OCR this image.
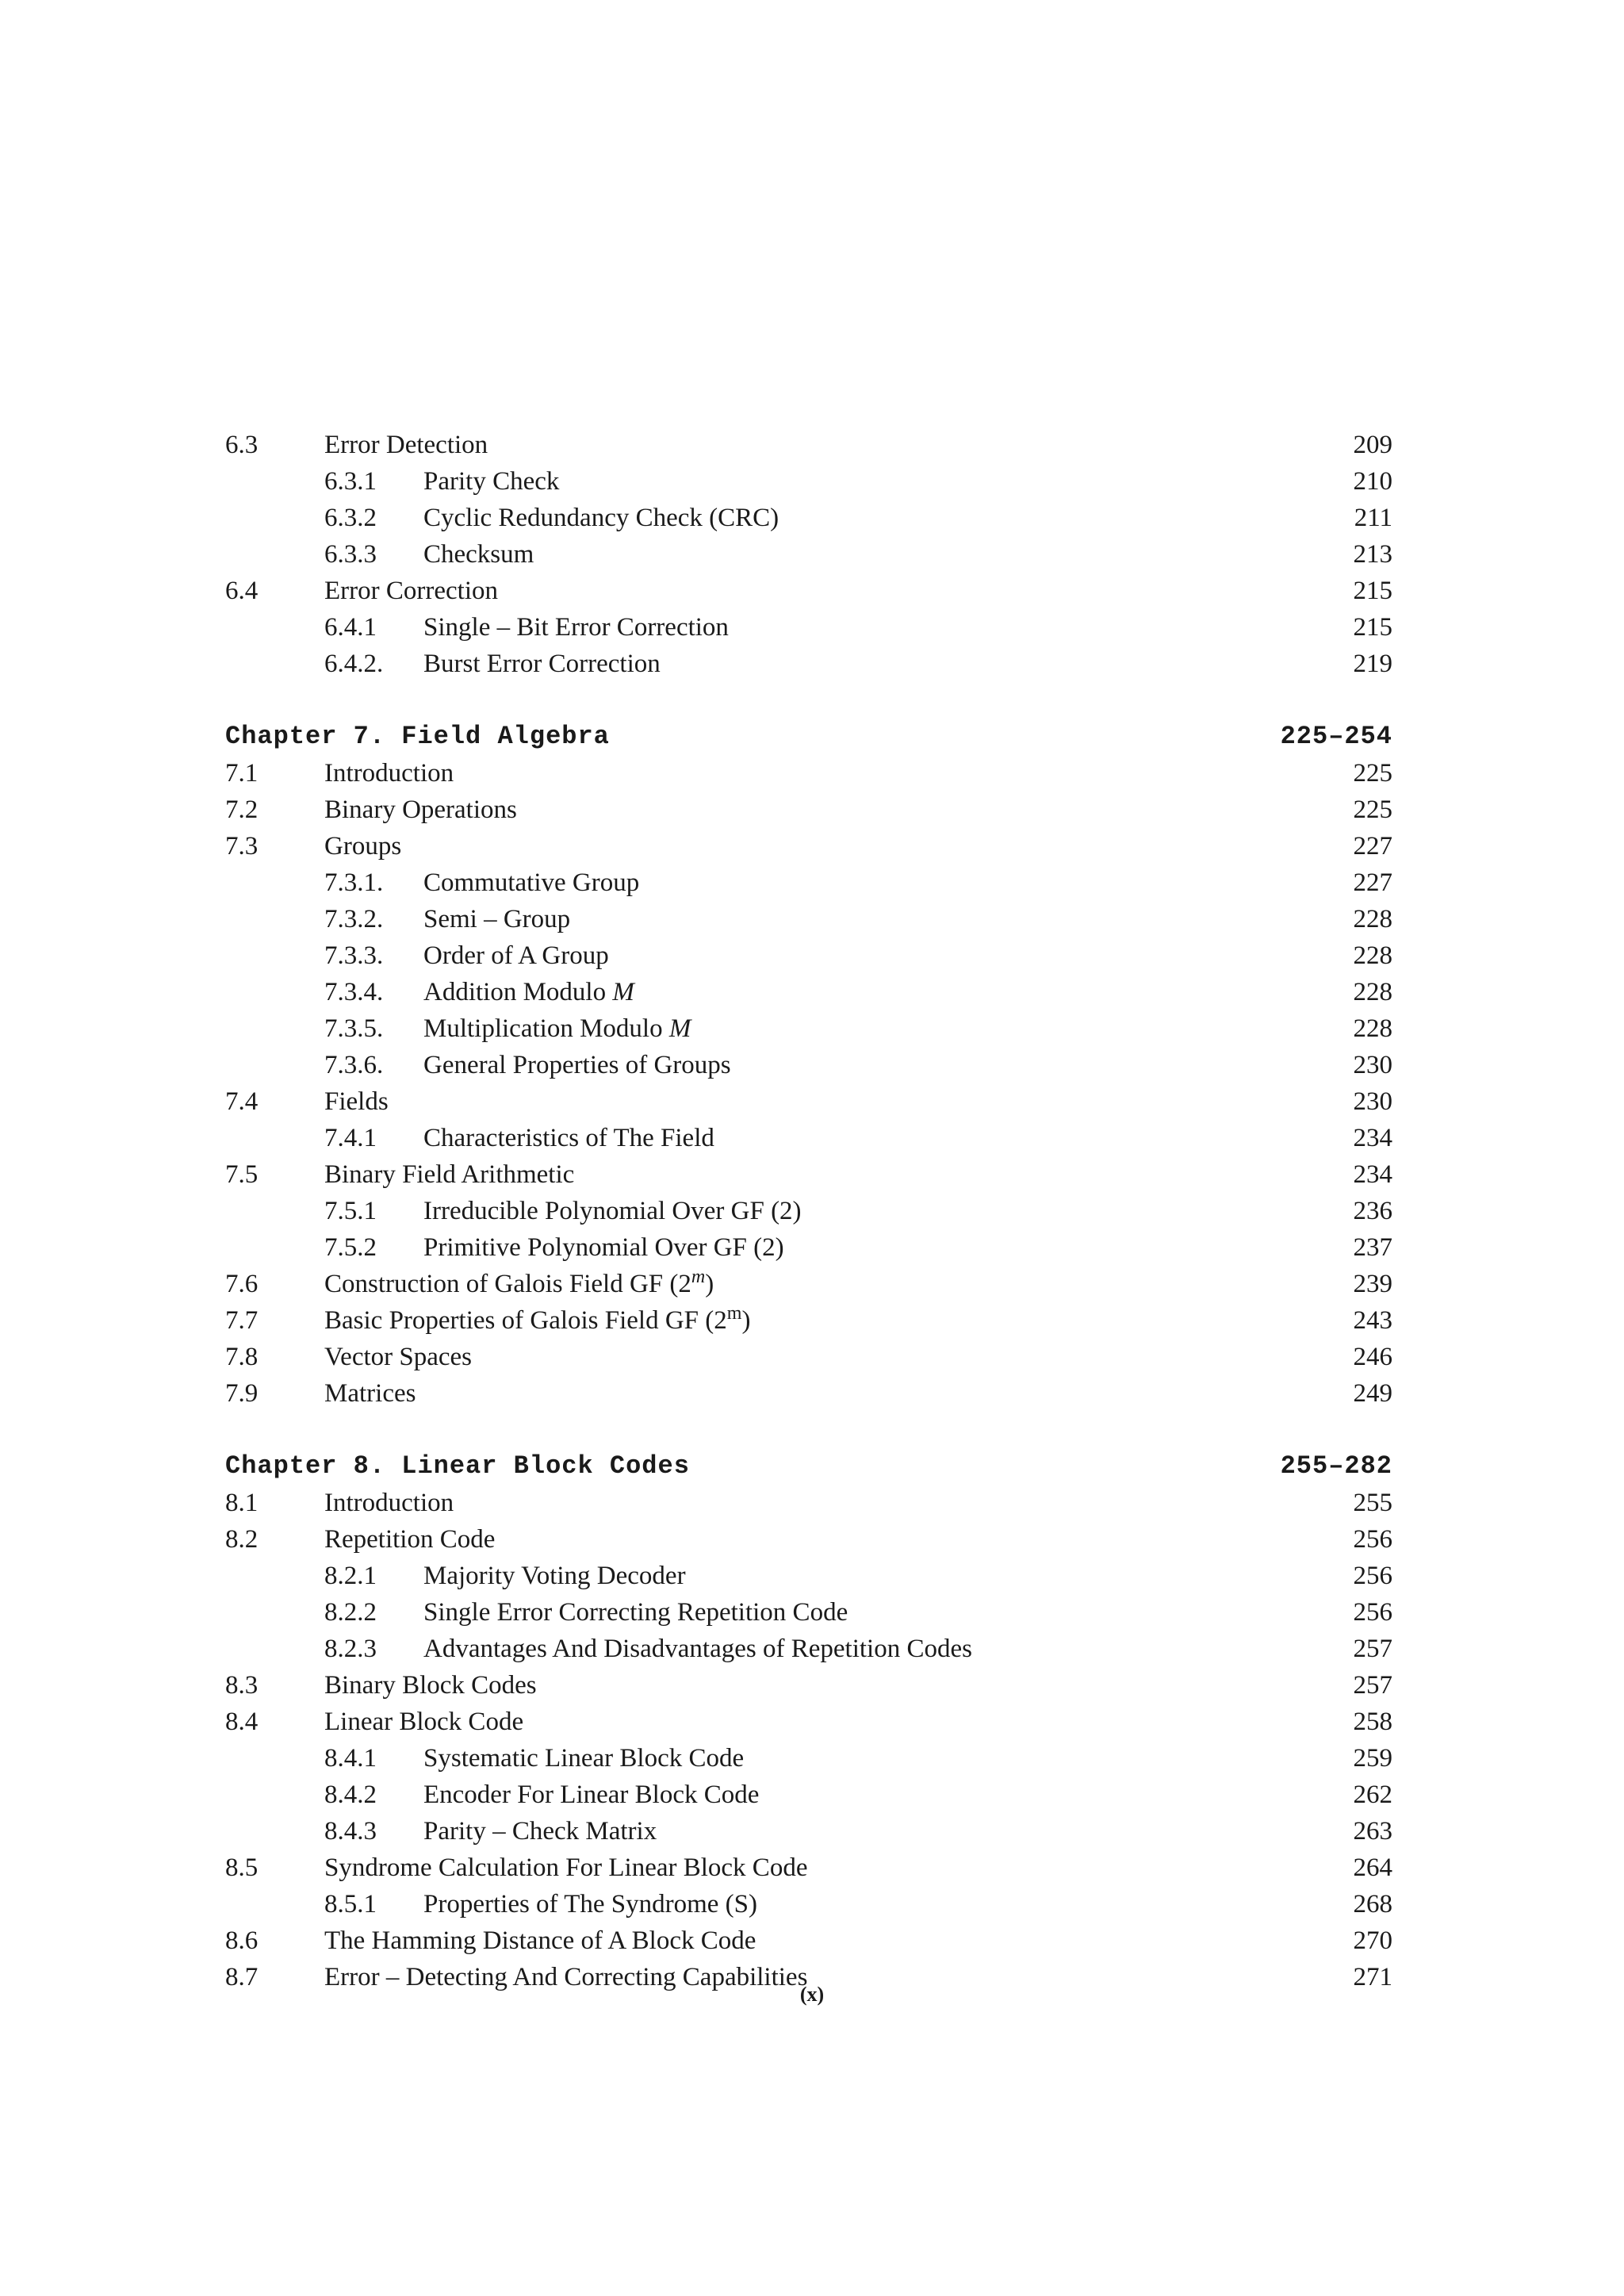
6.3	Error Detection	209
6.3.1 Parity Check	210
6.3.2 Cyclic Redundancy Check (CRC)	211
6.3.3 Checksum	213
6.4	Error Correction	215
6.4.1 Single – Bit Error Correction	215
6.4.2. Burst Error Correction	219
Chapter 7. Field Algebra	225–254
7.1	Introduction	225
7.2	Binary Operations	225
7.3	Groups	227
7.3.1. Commutative Group	227
7.3.2. Semi – Group	228
7.3.3. Order of A Group	228
7.3.4. Addition Modulo M	228
7.3.5. Multiplication Modulo M	228
7.3.6. General Properties of Groups	230
7.4	Fields	230
7.4.1 Characteristics of The Field	234
7.5	Binary Field Arithmetic	234
7.5.1 Irreducible Polynomial Over GF (2)	236
7.5.2 Primitive Polynomial Over GF (2)	237
7.6	Construction of Galois Field GF (2$^m$)	239
7.7	Basic Properties of Galois Field GF (2$^m$)	243
7.8	Vector Spaces	246
7.9	Matrices	249
Chapter 8. Linear Block Codes	255–282
8.1	Introduction	255
8.2	Repetition Code	256
8.2.1 Majority Voting Decoder	256
8.2.2 Single Error Correcting Repetition Code	256
8.2.3 Advantages And Disadvantages of Repetition Codes	257
8.3	Binary Block Codes	257
8.4	Linear Block Code	258
8.4.1 Systematic Linear Block Code	259
8.4.2 Encoder For Linear Block Code	262
8.4.3 Parity – Check Matrix	263
8.5	Syndrome Calculation For Linear Block Code	264
8.5.1 Properties of The Syndrome (S)	268
8.6	The Hamming Distance of A Block Code	270
8.7	Error – Detecting And Correcting Capabilities	271
(x)
